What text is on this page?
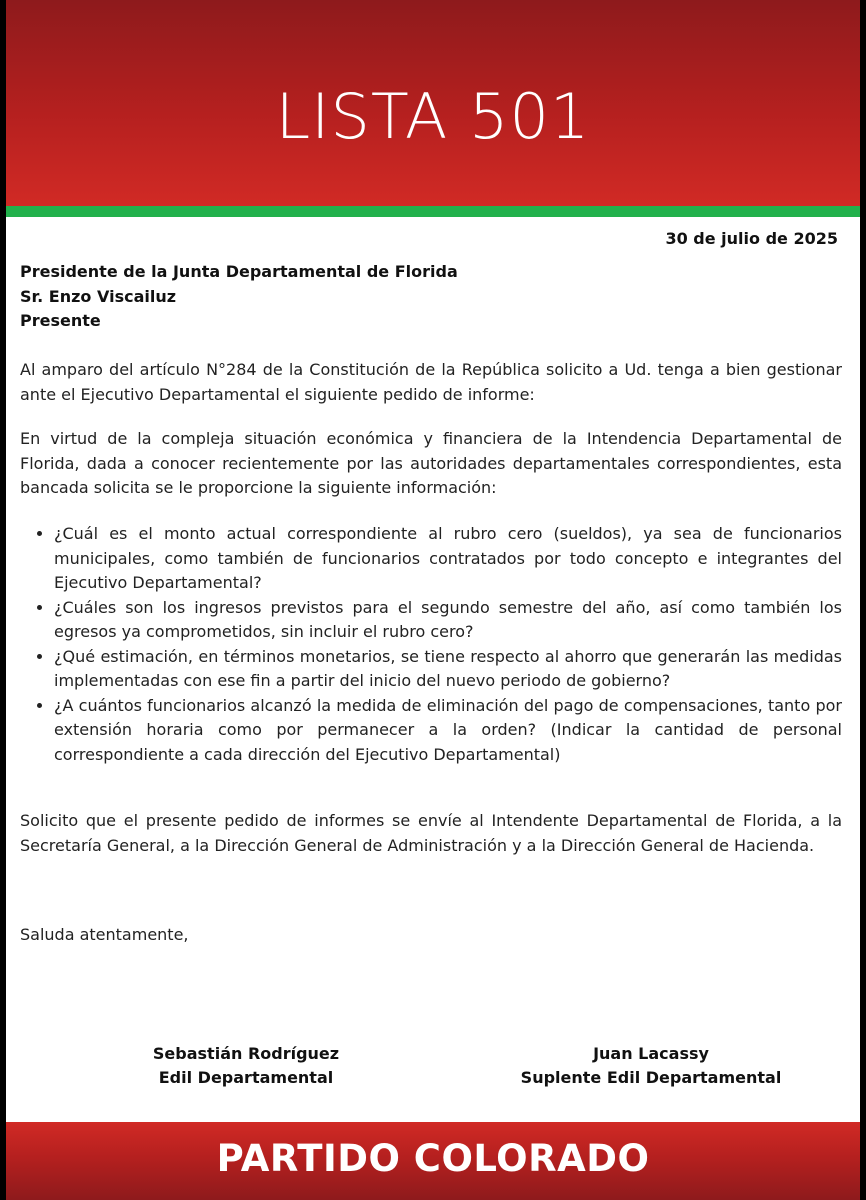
LISTA 501
30 de julio de 2025
Presidente de la Junta Departamental de Florida
Sr. Enzo Viscailuz
Presente
Al amparo del artículo N°284 de la Constitución de la República solicito a Ud. tenga a bien gestionar ante el Ejecutivo Departamental el siguiente pedido de informe:
En virtud de la compleja situación económica y financiera de la Intendencia Departamental de Florida, dada a conocer recientemente por las autoridades departamentales correspondientes, esta bancada solicita se le proporcione la siguiente información:
• ¿Cuál es el monto actual correspondiente al rubro cero (sueldos), ya sea de funcionarios municipales, como también de funcionarios contratados por todo concepto e integrantes del Ejecutivo Departamental?
• ¿Cuáles son los ingresos previstos para el segundo semestre del año, así como también los egresos ya comprometidos, sin incluir el rubro cero?
• ¿Qué estimación, en términos monetarios, se tiene respecto al ahorro que generarán las medidas implementadas con ese fin a partir del inicio del nuevo periodo de gobierno?
• ¿A cuántos funcionarios alcanzó la medida de eliminación del pago de compensaciones, tanto por extensión horaria como por permanecer a la orden? (Indicar la cantidad de personal correspondiente a cada dirección del Ejecutivo Departamental)
Solicito que el presente pedido de informes se envíe al Intendente Departamental de Florida, a la Secretaría General, a la Dirección General de Administración y a la Dirección General de Hacienda.
Saluda atentamente,
Sebastián Rodríguez
Edil Departamental
Juan Lacassy
Suplente Edil Departamental
PARTIDO COLORADO
